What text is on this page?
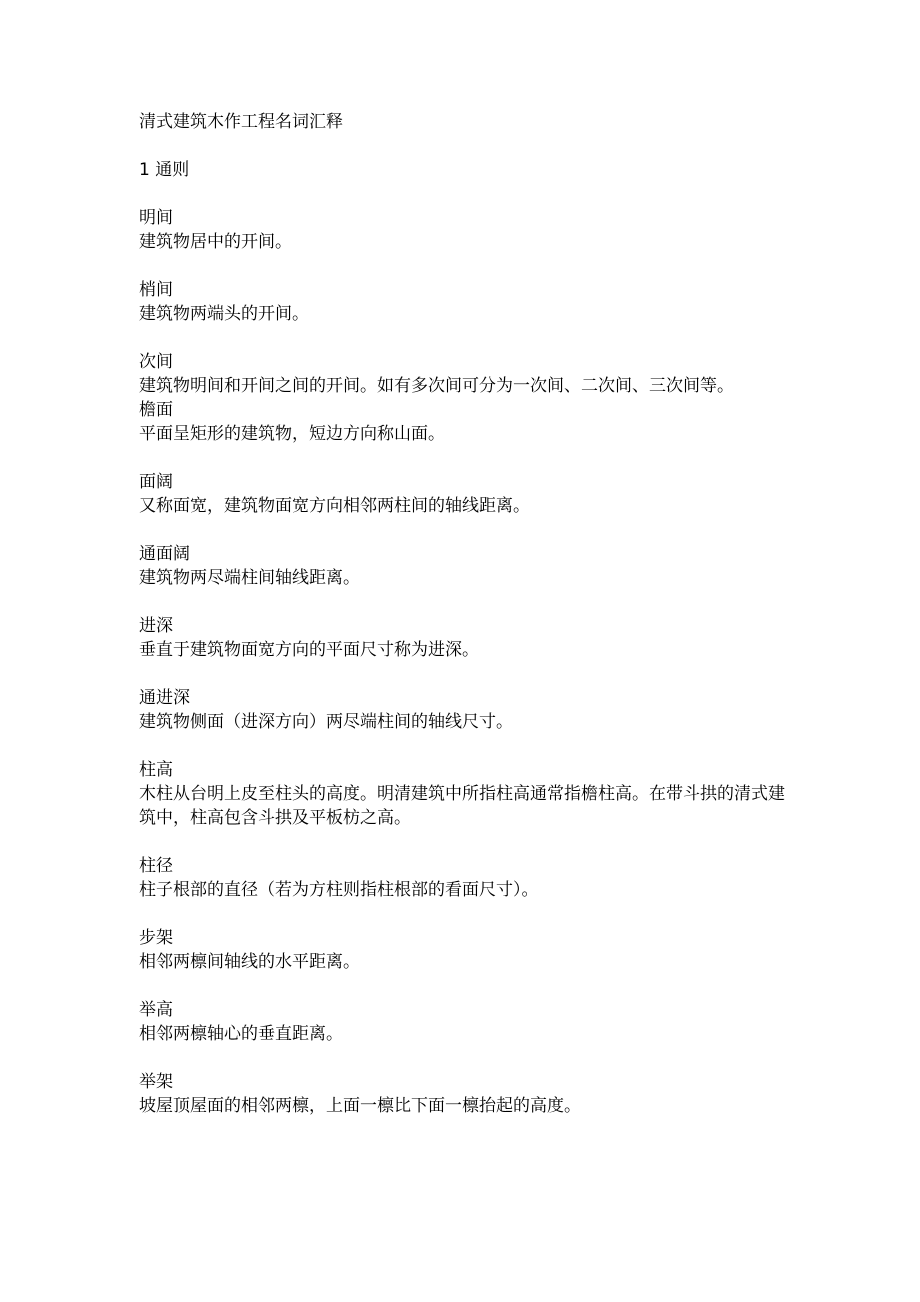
清式建筑木作工程名词汇释
1 通则
明间
建筑物居中的开间。
梢间
建筑物两端头的开间。
次间
建筑物明间和开间之间的开间。如有多次间可分为一次间、二次间、三次间等。
檐面
平面呈矩形的建筑物，短边方向称山面。
面阔
又称面宽，建筑物面宽方向相邻两柱间的轴线距离。
通面阔
建筑物两尽端柱间轴线距离。
进深
垂直于建筑物面宽方向的平面尺寸称为进深。
通进深
建筑物侧面（进深方向）两尽端柱间的轴线尺寸。
柱高
木柱从台明上皮至柱头的高度。明清建筑中所指柱高通常指檐柱高。在带斗拱的清式建筑中，柱高包含斗拱及平板枋之高。
柱径
柱子根部的直径（若为方柱则指柱根部的看面尺寸）。
步架
相邻两檩间轴线的水平距离。
举高
相邻两檩轴心的垂直距离。
举架
坡屋顶屋面的相邻两檩，上面一檩比下面一檩抬起的高度。
